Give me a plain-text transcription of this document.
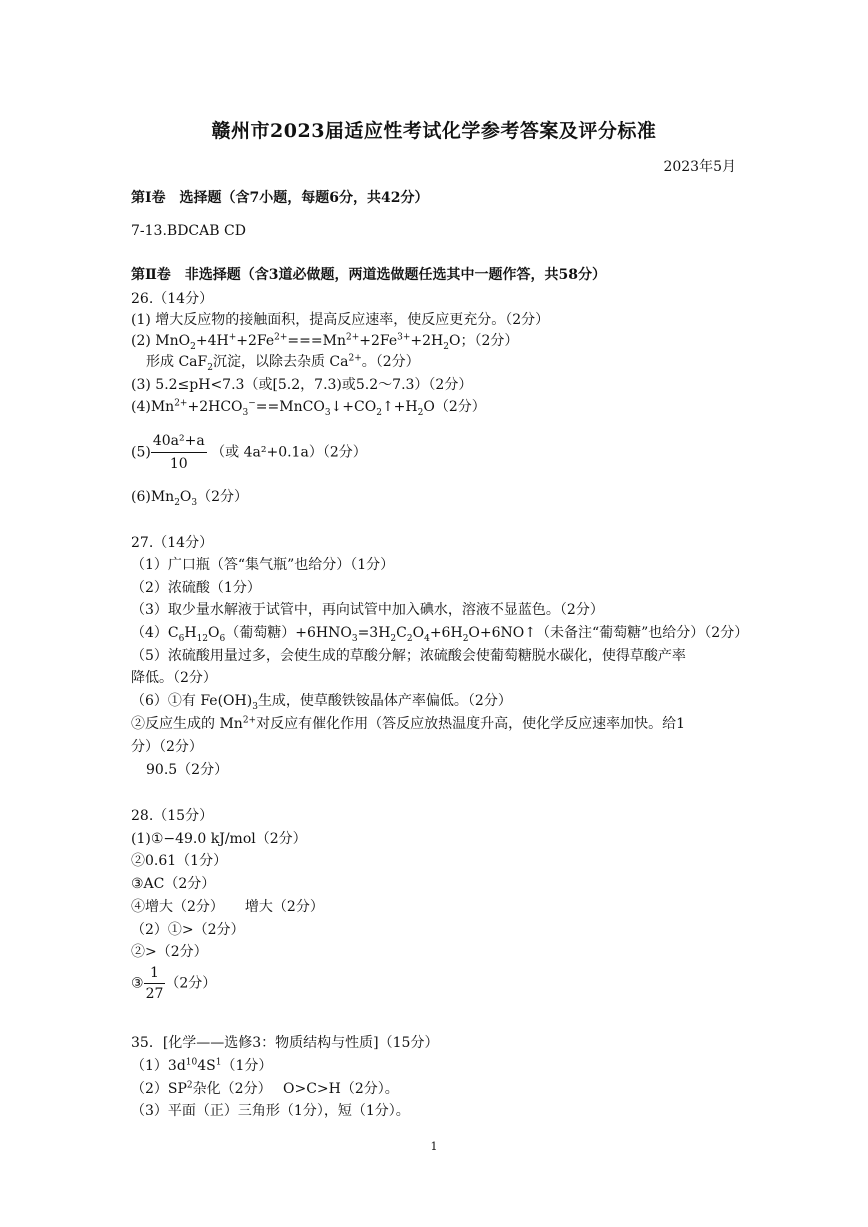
赣州市2023届适应性考试化学参考答案及评分标准
2023年5月
第Ⅰ卷　选择题（含7小题，每题6分，共42分）
7-13.BDCAB CD
第Ⅱ卷　非选择题（含3道必做题，两道选做题任选其中一题作答，共58分）
26.（14分）
(1) 增大反应物的接触面积，提高反应速率，使反应更充分。（2分）
(2) $MnO_2+4H^++2Fe^{2+}===Mn^{2+}+2Fe^{3+}+2H_2O$；（2分）
形成 CaF$_2$沉淀，以除去杂质 $Ca^{2+}$。（2分）
(3) 5.2≤pH<7.3（或[5.2，7.3)或5.2〜7.3）（2分）
$(4)Mn^{2+}+2HCO_3^-==MnCO_3↓+CO_2↑+H_2O(2$分）
$(5) \frac{\text{40a²+a}}{10}$ （或 4a²+0.1a）（2分）
$(6)Mn_2O_3(2$分）
27.（14分）
（1）广口瓶（答“集气瓶”也给分）（1分）
（2）浓硫酸（1分）
（3）取少量水解液于试管中，再向试管中加入碘水，溶液不显蓝色。（2分）
$(4)C_6H_{12}O_6$（葡萄糖）$+6HNO_3=3H_2C_2O_4+6H_2O+6NO↑$（未备注“葡萄糖”也给分）（2分）
（5）浓硫酸用量过多，会使生成的草酸分解；浓硫酸会使葡萄糖脱水碳化，使得草酸产率
降低。（2分）
（6）①有 $Fe(OH)_3$生成，使草酸铁铵晶体产率偏低。（2分）
②反应生成的 $Mn^{2+}$对反应有催化作用（答反应放热温度升高，使化学反应速率加快。给1
分）（2分）
90.5（2分）
28.（15分）
(1)①−49.0 kJ/mol（2分）
②0.61（1分）
③AC（2分）
④增大（2分）　　增大（2分）
（2）①>（2分）
②>（2分）
③ $\frac{1}{27} (2$分）
35．[化学——选修3：物质结构与性质]（15分）
$(1)3d^{10}4S^1(1$分）
$(2)SP^2$杂化（2分）　 O>C>H（2分）。
（3）平面（正）三角形（1分），短（1分）。
1
